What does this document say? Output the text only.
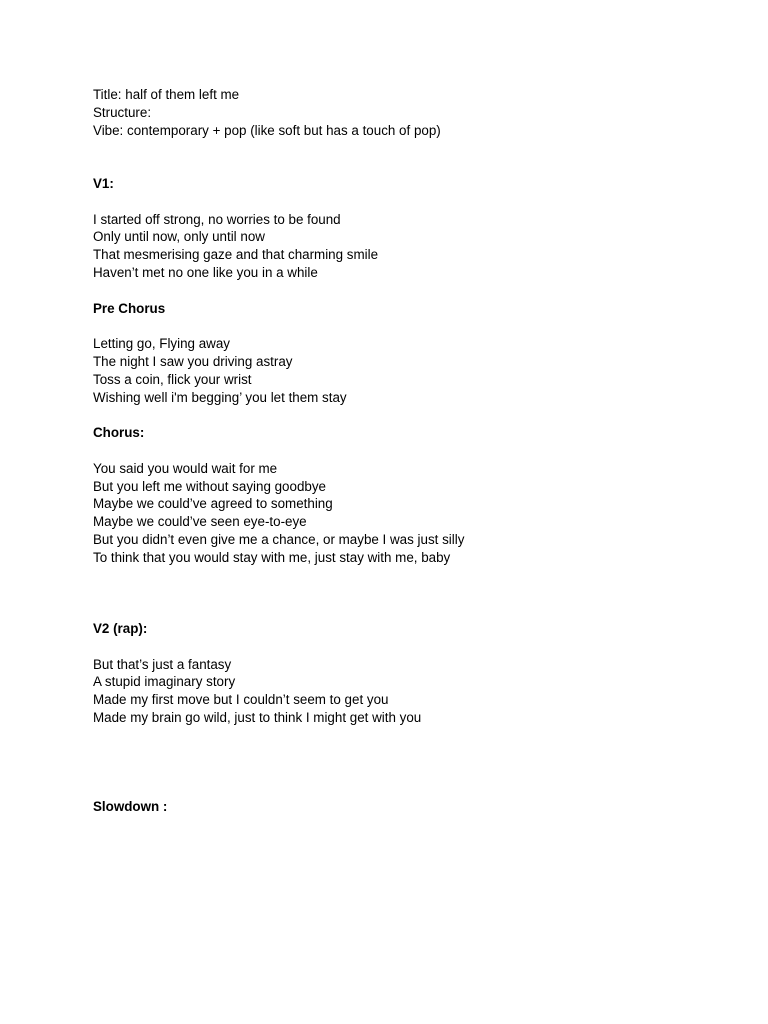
Title: half of them left me
Structure:
Vibe: contemporary + pop (like soft but has a touch of pop)
V1:
I started off strong, no worries to be found
Only until now, only until now
That mesmerising gaze and that charming smile
Haven’t met no one like you in a while
Pre Chorus
Letting go, Flying away
The night I saw you driving astray
Toss a coin, flick your wrist
Wishing well i'm begging’ you let them stay
Chorus:
You said you would wait for me
But you left me without saying goodbye
Maybe we could’ve agreed to something
Maybe we could’ve seen eye-to-eye
But you didn’t even give me a chance, or maybe I was just silly
To think that you would stay with me, just stay with me, baby
V2 (rap):
But that’s just a fantasy
A stupid imaginary story
Made my first move but I couldn’t seem to get you
Made my brain go wild, just to think I might get with you
Slowdown :
